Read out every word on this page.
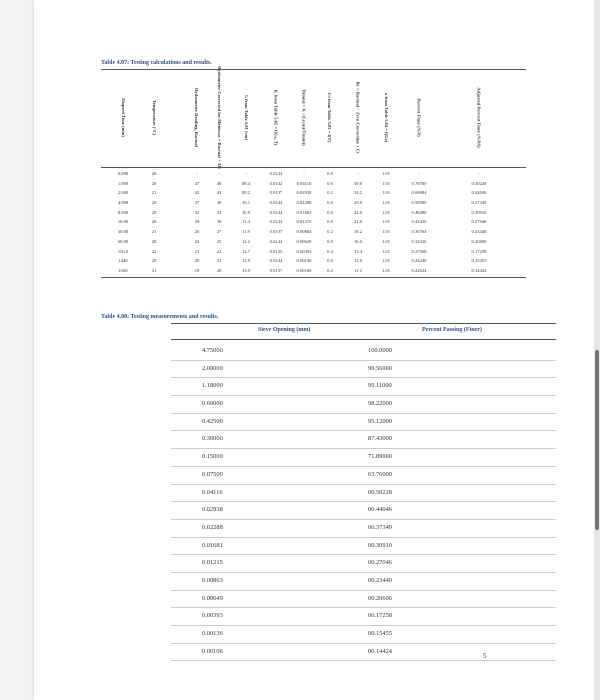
Table 4.07: Testing calculations and results.
Elapsed Time (min)	Temperature (°C)	Hydrometer Reading, Ractual	Hydrometer Corrected for Meniscus = Ractual + ΔR	L from Table 5.01 (cm)	K from Table 5.02 = f(Gs, T)	D(mm) = K √(L(cm)/T(min))	Ct from Table 5.03 = f(T)	Rc = Ractual − Zero Correction + Ct	a from Table 5.04 = f(Gs)	Percent Finer (%P)	Adjusted Percent Finer (%PA)
0.000	20	-	-	-	0.0144	-	0.0	-	1.01	-	-
1.000	20	47	48	08.4	0.0142	0.04116	0.0	39.0	1.01	0.78780	0.50228
2.000	21	42	43	09.2	0.0137	0.02938	0.2	34.2	1.01	0.69084	0.44046
4.000	20	37	38	10.1	0.0144	0.02288	0.0	29.0	1.01	0.58580	0.37349
8.000	20	32	33	10.9	0.0144	0.01681	0.0	24.0	1.01	0.48480	0.30910
16.00	20	29	30	11.4	0.0144	0.01215	0.0	21.0	1.01	0.42420	0.27046
30.00	21	26	27	11.9	0.0137	0.00863	0.2	18.2	1.01	0.36764	0.23440
60.00	20	24	25	12.2	0.0144	0.00649	0.0	16.0	1.01	0.32320	0.20606
150.0	22	21	22	12.7	0.0135	0.00393	0.4	13.4	1.01	0.27068	0.17258
1440	20	20	21	12.9	0.0144	0.00136	0.0	12.0	1.01	0.24240	0.15455
2160	21	19	20	13.0	0.0137	0.00106	0.2	11.2	1.01	0.22624	0.14424
Table 4.08: Testing measurements and results.
Sieve Opening (mm)	Percent Passing (Finer)
4.75000	100.0000
2.00000	99.56000
1.18000	99.11000
0.60000	98.22000
0.42500	95.12000
0.30000	87.43000
0.15000	71.89000
0.07500	63.76000
0.04116	00.50228
0.02938	00.44046
0.02288	00.37349
0.01681	00.30910
0.01215	00.27046
0.00863	00.23440
0.00649	00.20606
0.00393	00.17258
0.00136	00.15455
0.00106	00.14424
5
